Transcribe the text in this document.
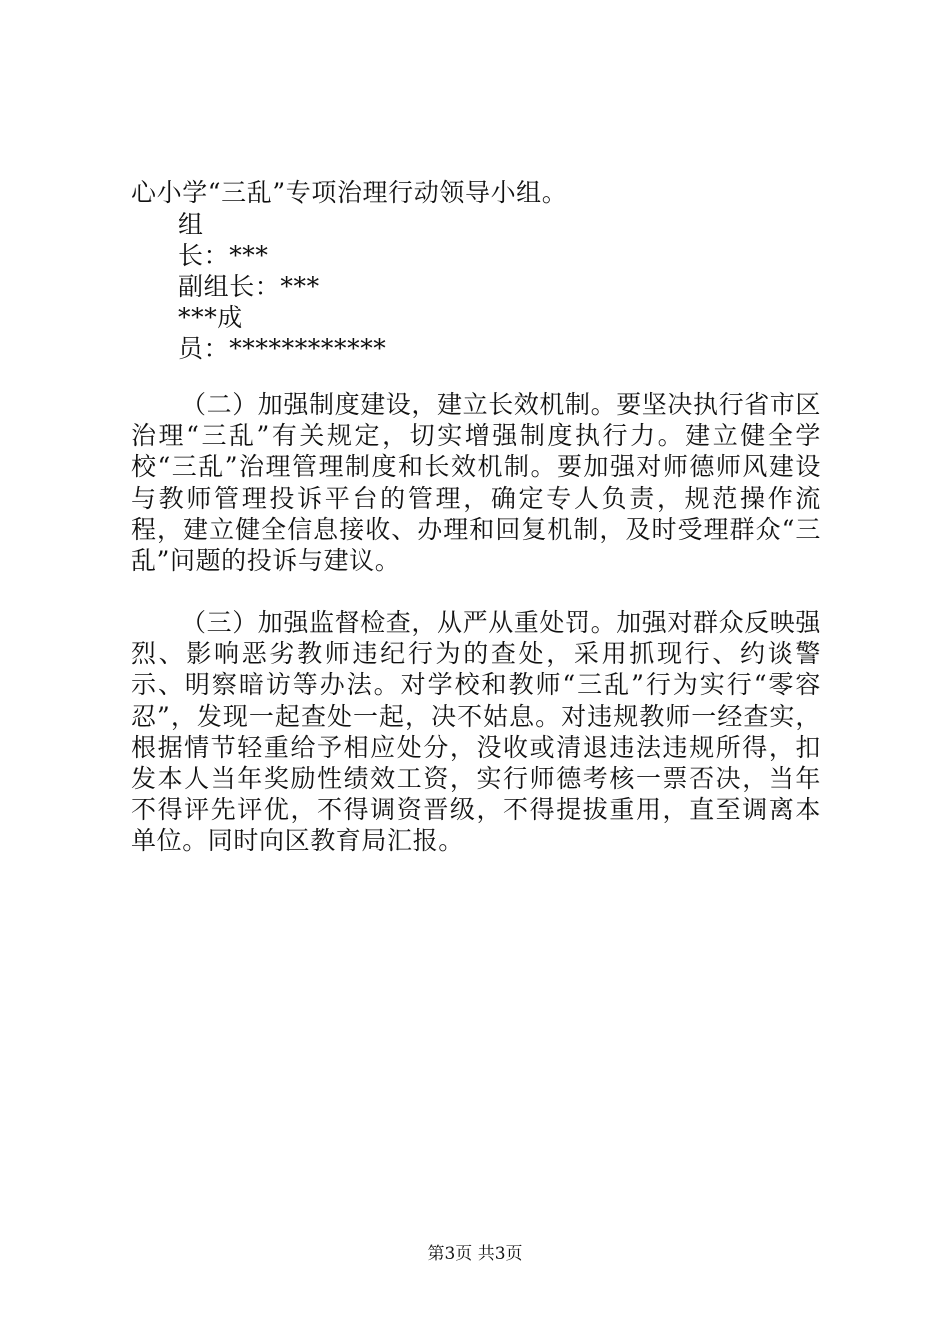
心小学“三乱”专项治理行动领导小组。
组
长：***
副组长：***
***成
员：************

（二）加强制度建设，建立长效机制。要坚决执行省市区治理“三乱”有关规定，切实增强制度执行力。建立健全学校“三乱”治理管理制度和长效机制。要加强对师德师风建设与教师管理投诉平台的管理，确定专人负责，规范操作流程，建立健全信息接收、办理和回复机制，及时受理群众“三乱”问题的投诉与建议。

（三）加强监督检查，从严从重处罚。加强对群众反映强烈、影响恶劣教师违纪行为的查处，采用抓现行、约谈警示、明察暗访等办法。对学校和教师“三乱”行为实行“零容忍”，发现一起查处一起，决不姑息。对违规教师一经查实，根据情节轻重给予相应处分，没收或清退违法违规所得，扣发本人当年奖励性绩效工资，实行师德考核一票否决，当年不得评先评优，不得调资晋级，不得提拔重用，直至调离本单位。同时向区教育局汇报。

第3页 共3页
